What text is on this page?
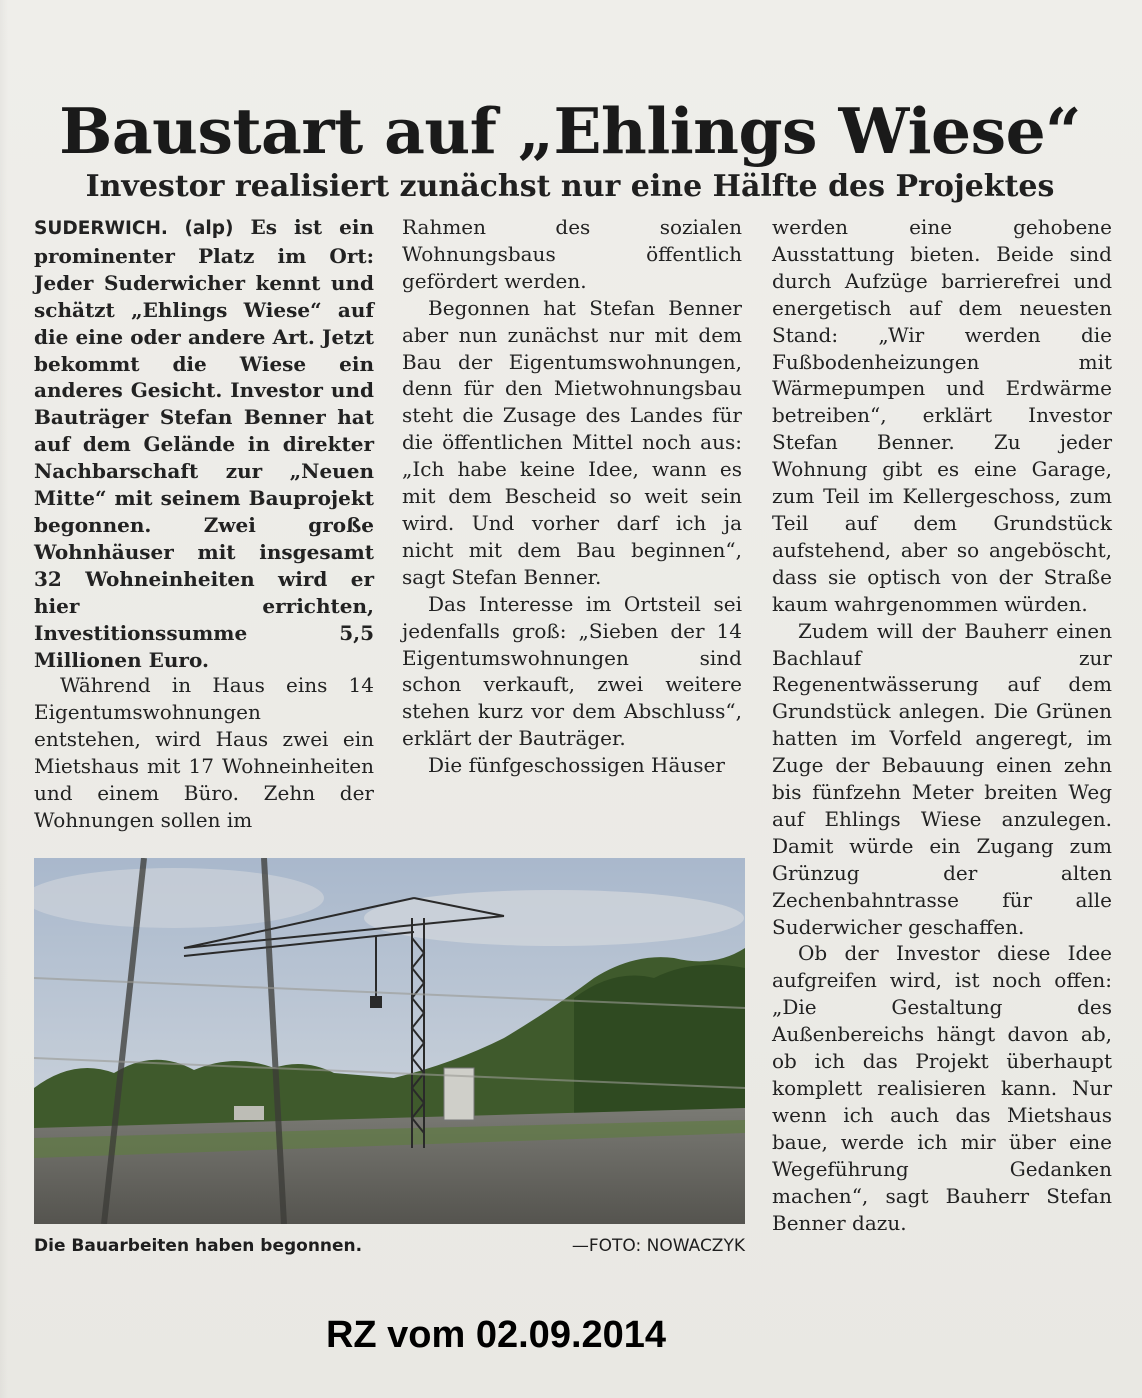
Baustart auf „Ehlings Wiese“
Investor realisiert zunächst nur eine Hälfte des Projektes

SUDERWICH. (alp) Es ist ein prominenter Platz im Ort: Jeder Suderwicher kennt und schätzt „Ehlings Wiese“ auf die eine oder andere Art. Jetzt bekommt die Wiese ein anderes Gesicht. Investor und Bauträger Stefan Benner hat auf dem Gelände in direkter Nachbarschaft zur „Neuen Mitte“ mit seinem Bauprojekt begonnen. Zwei große Wohnhäuser mit insgesamt 32 Wohneinheiten wird er hier errichten, Investitionssumme 5,5 Millionen Euro.

Während in Haus eins 14 Eigentumswohnungen entstehen, wird Haus zwei ein Mietshaus mit 17 Wohneinheiten und einem Büro. Zehn der Wohnungen sollen im

Rahmen des sozialen Wohnungsbaus öffentlich gefördert werden.

Begonnen hat Stefan Benner aber nun zunächst nur mit dem Bau der Eigentumswohnungen, denn für den Mietwohnungsbau steht die Zusage des Landes für die öffentlichen Mittel noch aus: „Ich habe keine Idee, wann es mit dem Bescheid so weit sein wird. Und vorher darf ich ja nicht mit dem Bau beginnen“, sagt Stefan Benner.

Das Interesse im Ortsteil sei jedenfalls groß: „Sieben der 14 Eigentumswohnungen sind schon verkauft, zwei weitere stehen kurz vor dem Abschluss“, erklärt der Bauträger.

Die fünfgeschossigen Häuser

werden eine gehobene Ausstattung bieten. Beide sind durch Aufzüge barrierefrei und energetisch auf dem neuesten Stand: „Wir werden die Fußbodenheizungen mit Wärmepumpen und Erdwärme betreiben“, erklärt Investor Stefan Benner. Zu jeder Wohnung gibt es eine Garage, zum Teil im Kellergeschoss, zum Teil auf dem Grundstück aufstehend, aber so angeböscht, dass sie optisch von der Straße kaum wahrgenommen würden.

Zudem will der Bauherr einen Bachlauf zur Regenentwässerung auf dem Grundstück anlegen. Die Grünen hatten im Vorfeld angeregt, im Zuge der Bebauung einen zehn bis fünfzehn Meter breiten Weg auf Ehlings Wiese anzulegen. Damit würde ein Zugang zum Grünzug der alten Zechenbahntrasse für alle Suderwicher geschaffen.

Ob der Investor diese Idee aufgreifen wird, ist noch offen: „Die Gestaltung des Außenbereichs hängt davon ab, ob ich das Projekt überhaupt komplett realisieren kann. Nur wenn ich auch das Mietshaus baue, werde ich mir über eine Wegeführung Gedanken machen“, sagt Bauherr Stefan Benner dazu.

Die Bauarbeiten haben begonnen.	—FOTO: NOWACZYK
RZ vom 02.09.2014
